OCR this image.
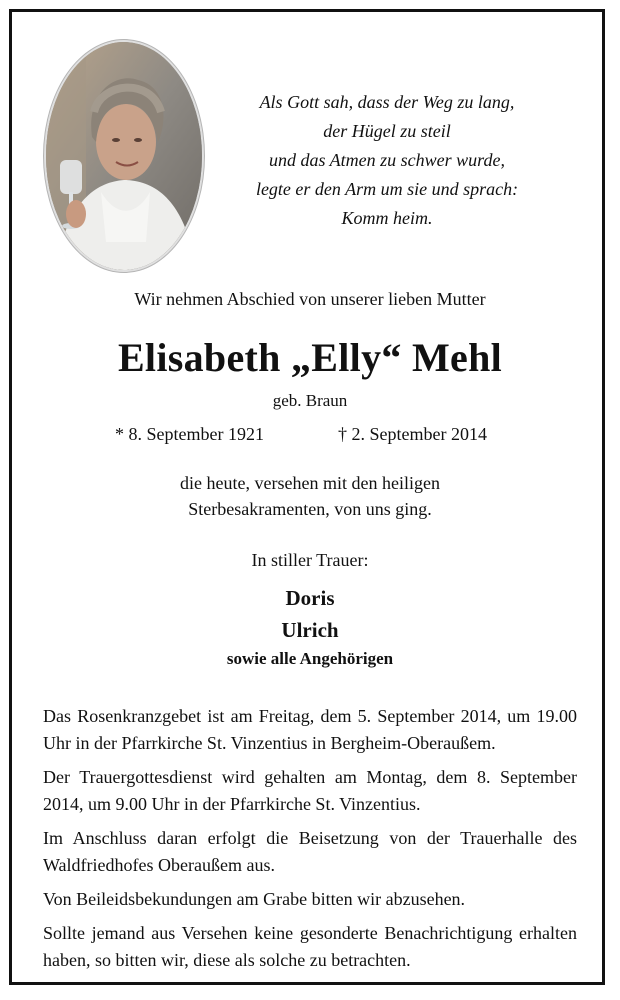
Als Gott sah, dass der Weg zu lang,
der Hügel zu steil
und das Atmen zu schwer wurde,
legte er den Arm um sie und sprach:
Komm heim.
Wir nehmen Abschied von unserer lieben Mutter
Elisabeth „Elly“ Mehl
geb. Braun
* 8. September 1921	† 2. September 2014
die heute, versehen mit den heiligen
Sterbesakramenten, von uns ging.
In stiller Trauer:
Doris
Ulrich
sowie alle Angehörigen

Das Rosenkranzgebet ist am Freitag, dem 5. September 2014, um 19.00 Uhr in der Pfarrkirche St. Vinzentius in Bergheim-Oberaußem.

Der Trauergottesdienst wird gehalten am Montag, dem 8. September 2014, um 9.00 Uhr in der Pfarrkirche St. Vinzentius.

Im Anschluss daran erfolgt die Beisetzung von der Trauerhalle des Waldfriedhofes Oberaußem aus.

Von Beileidsbekundungen am Grabe bitten wir abzusehen.

Sollte jemand aus Versehen keine gesonderte Benachrichtigung erhalten haben, so bitten wir, diese als solche zu betrachten.
